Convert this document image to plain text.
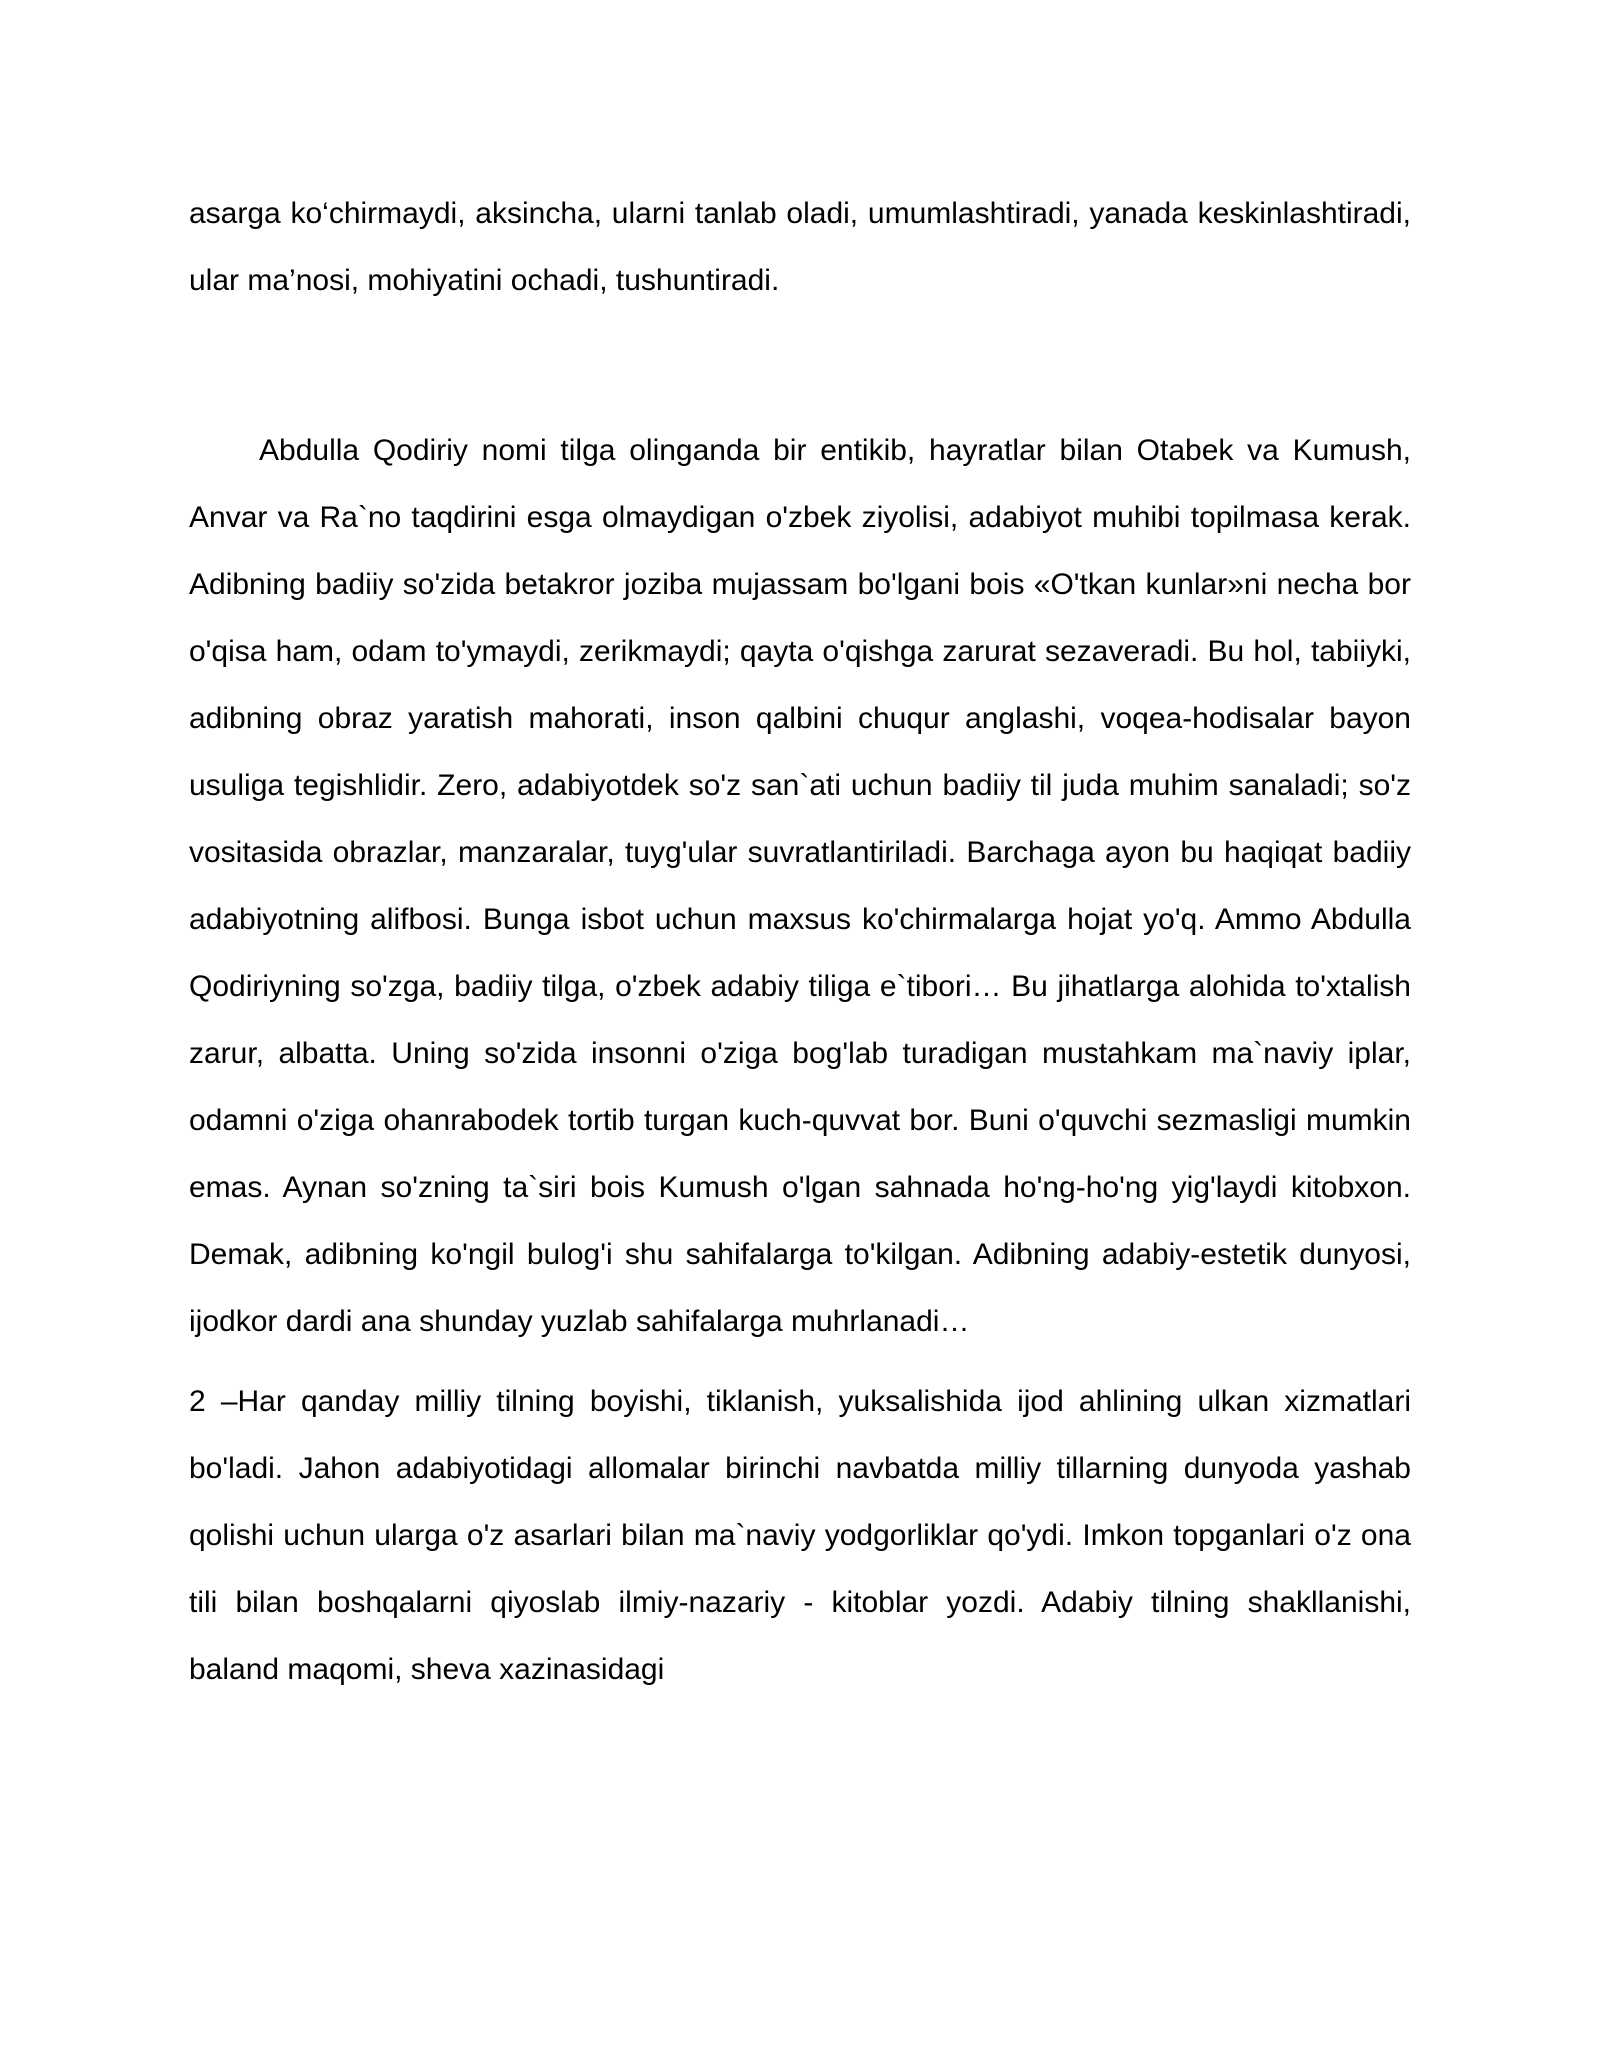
asarga ko‘chirmaydi, aksincha, ularni tanlab oladi, umumlashtiradi, yanada keskinlashtiradi, ular ma’nosi, mohiyatini ochadi, tushuntiradi.

Abdulla Qodiriy nomi tilga olinganda bir entikib, hayratlar bilan Otabek va Kumush, Anvar va Ra`no taqdirini esga olmaydigan o'zbek ziyolisi, adabiyot muhibi topilmasa kerak. Adibning badiiy so'zida betakror joziba mujassam bo'lgani bois «O'tkan kunlar»ni necha bor o'qisa ham, odam to'ymaydi, zerikmaydi; qayta o'qishga zarurat sezaveradi. Bu hol, tabiiyki, adibning obraz yaratish mahorati, inson qalbini chuqur anglashi, voqea-hodisalar bayon usuliga tegishlidir. Zero, adabiyotdek so'z san`ati uchun badiiy til juda muhim sanaladi; so'z vositasida obrazlar, manzaralar, tuyg'ular suvratlantiriladi. Barchaga ayon bu haqiqat badiiy adabiyotning alifbosi. Bunga isbot uchun maxsus ko'chirmalarga hojat yo'q. Ammo Abdulla Qodiriyning so'zga, badiiy tilga, o'zbek adabiy tiliga e`tibori… Bu jihatlarga alohida to'xtalish zarur, albatta. Uning so'zida insonni o'ziga bog'lab turadigan mustahkam ma`naviy iplar, odamni o'ziga ohanrabodek tortib turgan kuch-quvvat bor. Buni o'quvchi sezmasligi mumkin emas. Aynan so'zning ta`siri bois Kumush o'lgan sahnada ho'ng-ho'ng yig'laydi kitobxon. Demak, adibning ko'ngil bulog'i shu sahifalarga to'kilgan. Adibning adabiy-estetik dunyosi, ijodkor dardi ana shunday yuzlab sahifalarga muhrlanadi…

2 –Har qanday milliy tilning boyishi, tiklanish, yuksalishida ijod ahlining ulkan xizmatlari bo'ladi. Jahon adabiyotidagi allomalar birinchi navbatda milliy tillarning dunyoda yashab qolishi uchun ularga o'z asarlari bilan ma`naviy yodgorliklar qo'ydi. Imkon topganlari o'z ona tili bilan boshqalarni qiyoslab ilmiy-nazariy - kitoblar yozdi. Adabiy tilning shakllanishi, baland maqomi, sheva xazinasidagi
